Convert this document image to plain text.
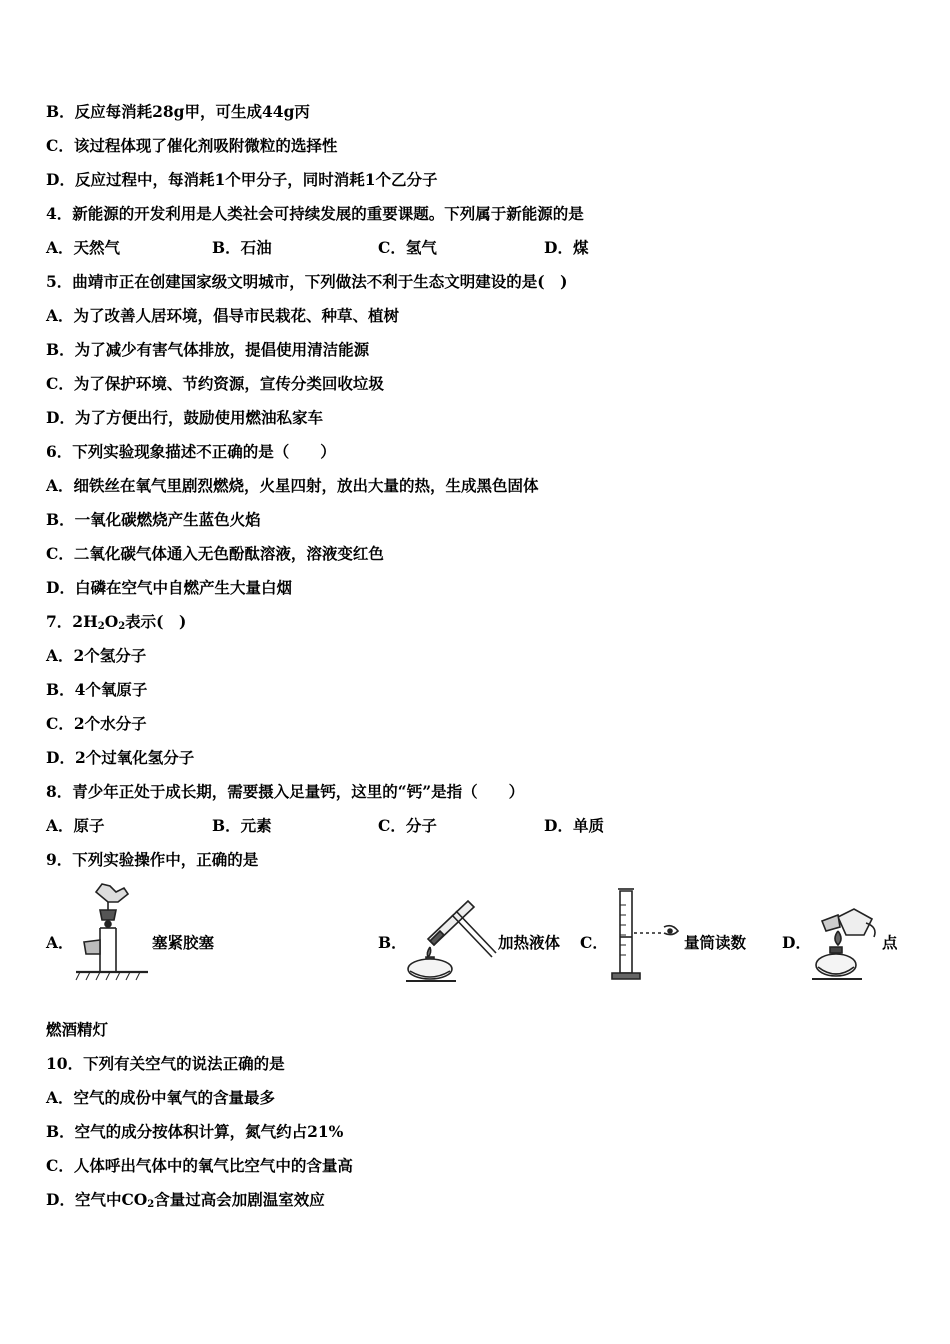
B．反应每消耗28g甲，可生成44g丙
C．该过程体现了催化剂吸附微粒的选择性
D．反应过程中，每消耗1个甲分子，同时消耗1个乙分子
4．新能源的开发利用是人类社会可持续发展的重要课题。下列属于新能源的是
A．天然气	B．石油	C．氢气	D．煤
5．曲靖市正在创建国家级文明城市，下列做法不利于生态文明建设的是(　)
A．为了改善人居环境，倡导市民栽花、种草、植树
B．为了减少有害气体排放，提倡使用清洁能源
C．为了保护环境、节约资源，宣传分类回收垃圾
D．为了方便出行，鼓励使用燃油私家车
6．下列实验现象描述不正确的是（　　）
A．细铁丝在氧气里剧烈燃烧，火星四射，放出大量的热，生成黑色固体
B．一氧化碳燃烧产生蓝色火焰
C．二氧化碳气体通入无色酚酞溶液，溶液变红色
D．白磷在空气中自燃产生大量白烟
7．$2H_2O_2$表示(　)
A．2个氢分子
B．4个氧原子
C．2个水分子
D．2个过氧化氢分子
8．青少年正处于成长期，需要摄入足量钙，这里的“钙”是指（　　）
A．原子	B．元素	C．分子	D．单质
9．下列实验操作中，正确的是
A．	塞紧胶塞	B．	加热液体 C．	量筒读数 D．	点
燃酒精灯
10．下列有关空气的说法正确的是
A．空气的成份中氧气的含量最多
B．空气的成分按体积计算，氮气约占21%
C．人体呼出气体中的氧气比空气中的含量高
D．空气中$CO_2$含量过高会加剧温室效应
